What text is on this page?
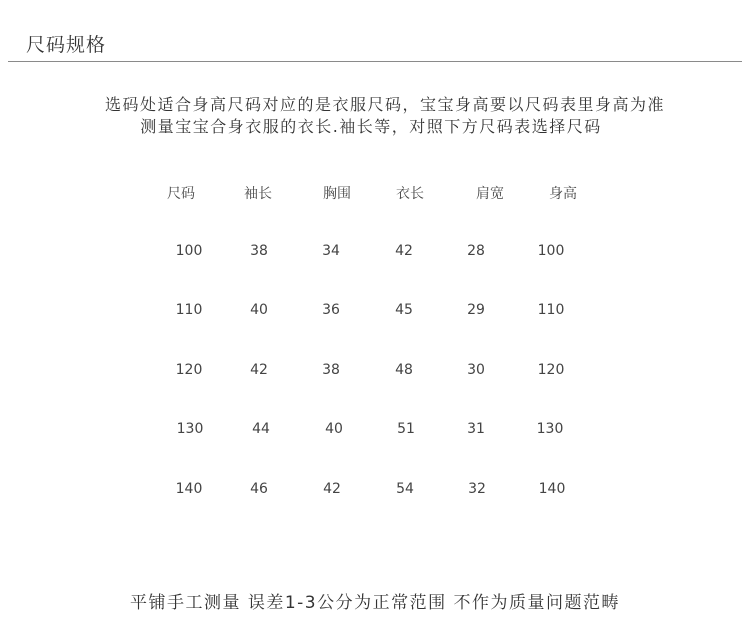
尺码规格
选码处适合身高尺码对应的是衣服尺码，宝宝身高要以尺码表里身高为准
测量宝宝合身衣服的衣长.袖长等，对照下方尺码表选择尺码
尺码	袖长	胸围	衣长	肩宽	身高
100	38	34	42	28	100
110	40	36	45	29	110
120	42	38	48	30	120
130	44	40	51	31	130
140	46	42	54	32	140
平铺手工测量 误差1-3公分为正常范围 不作为质量问题范畴
